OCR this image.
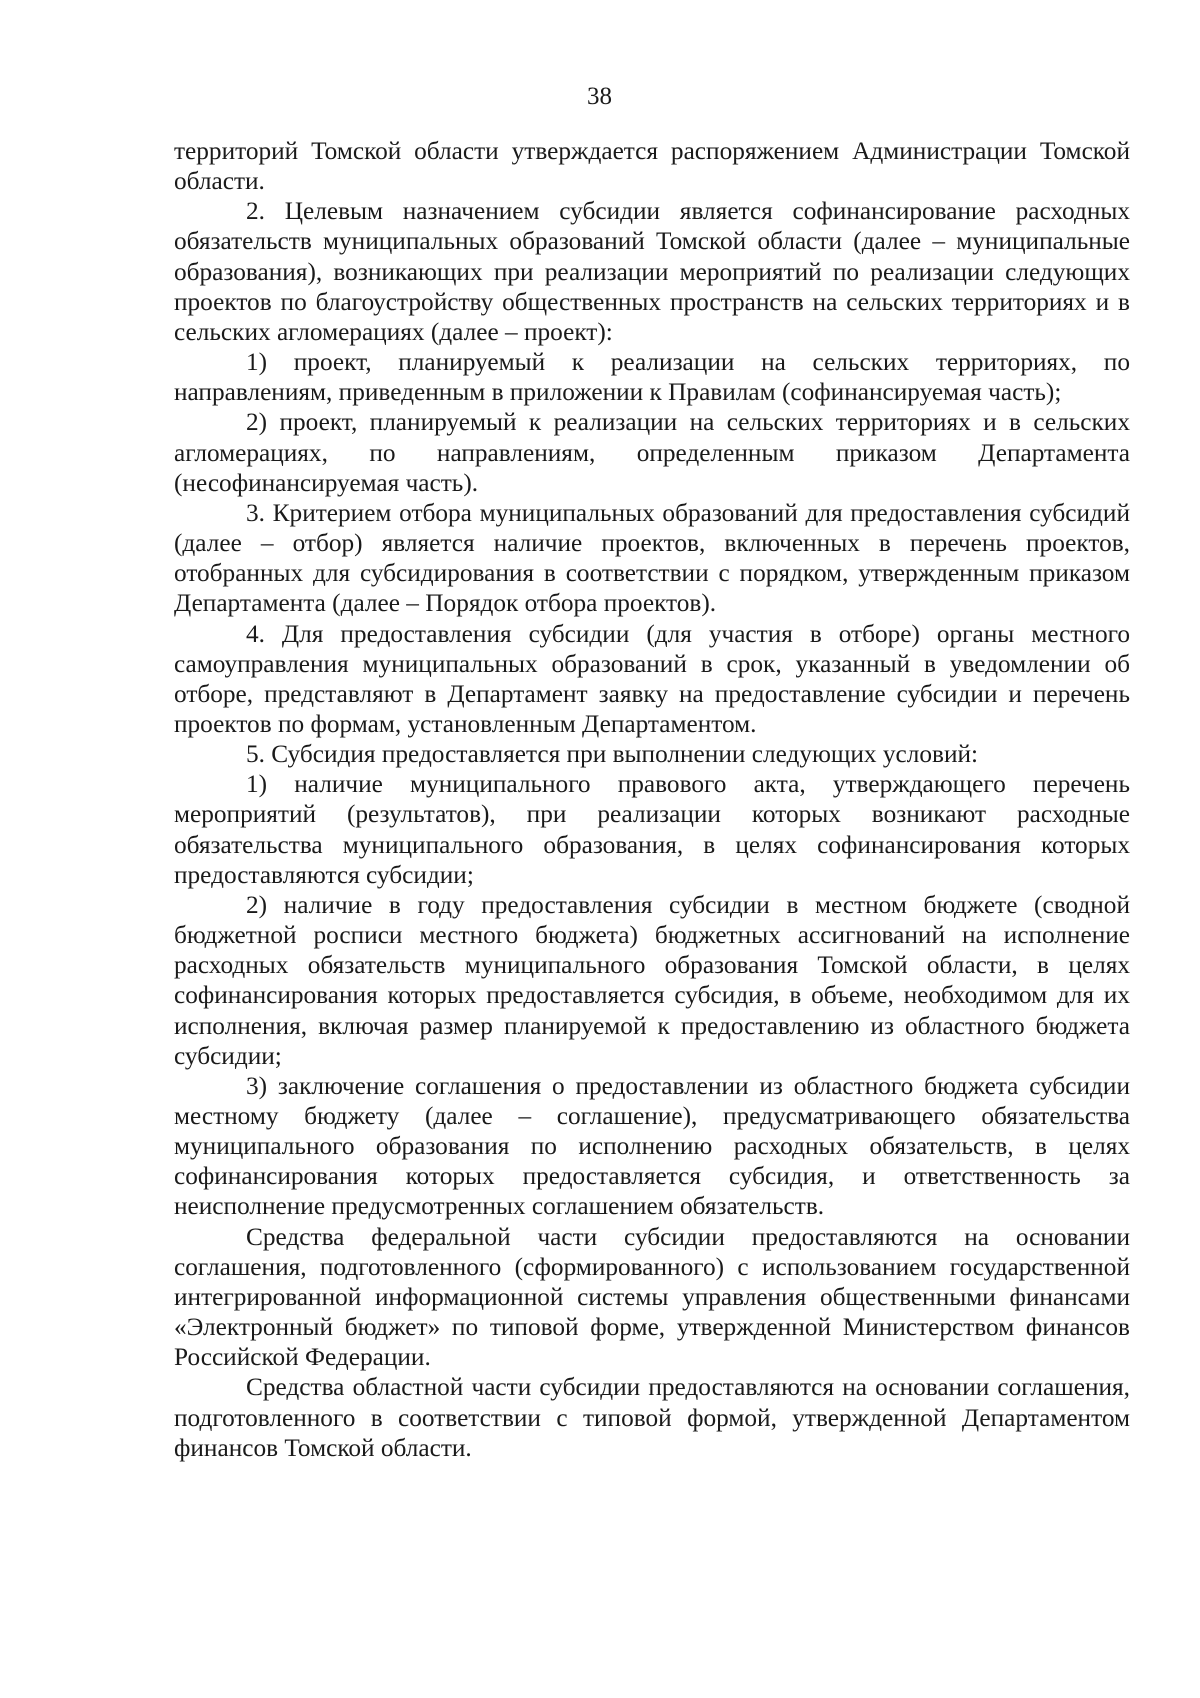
38

территорий Томской области утверждается распоряжением Администрации Томской области.

2. Целевым назначением субсидии является софинансирование расходных обязательств муниципальных образований Томской области (далее – муниципальные образования), возникающих при реализации мероприятий по реализации следующих проектов по благоустройству общественных пространств на сельских территориях и в сельских агломерациях (далее – проект):

1) проект, планируемый к реализации на сельских территориях, по направлениям, приведенным в приложении к Правилам (софинансируемая часть);

2) проект, планируемый к реализации на сельских территориях и в сельских агломерациях, по направлениям, определенным приказом Департамента (несофинансируемая часть).

3. Критерием отбора муниципальных образований для предоставления субсидий (далее – отбор) является наличие проектов, включенных в перечень проектов, отобранных для субсидирования в соответствии с порядком, утвержденным приказом Департамента (далее – Порядок отбора проектов).

4. Для предоставления субсидии (для участия в отборе) органы местного самоуправления муниципальных образований в срок, указанный в уведомлении об отборе, представляют в Департамент заявку на предоставление субсидии и перечень проектов по формам, установленным Департаментом.

5. Субсидия предоставляется при выполнении следующих условий:

1) наличие муниципального правового акта, утверждающего перечень мероприятий (результатов), при реализации которых возникают расходные обязательства муниципального образования, в целях софинансирования которых предоставляются субсидии;

2) наличие в году предоставления субсидии в местном бюджете (сводной бюджетной росписи местного бюджета) бюджетных ассигнований на исполнение расходных обязательств муниципального образования Томской области, в целях софинансирования которых предоставляется субсидия, в объеме, необходимом для их исполнения, включая размер планируемой к предоставлению из областного бюджета субсидии;

3) заключение соглашения о предоставлении из областного бюджета субсидии местному бюджету (далее – соглашение), предусматривающего обязательства муниципального образования по исполнению расходных обязательств, в целях софинансирования которых предоставляется субсидия, и ответственность за неисполнение предусмотренных соглашением обязательств.

Средства федеральной части субсидии предоставляются на основании соглашения, подготовленного (сформированного) с использованием государственной интегрированной информационной системы управления общественными финансами «Электронный бюджет» по типовой форме, утвержденной Министерством финансов Российской Федерации.

Средства областной части субсидии предоставляются на основании соглашения, подготовленного в соответствии с типовой формой, утвержденной Департаментом финансов Томской области.
